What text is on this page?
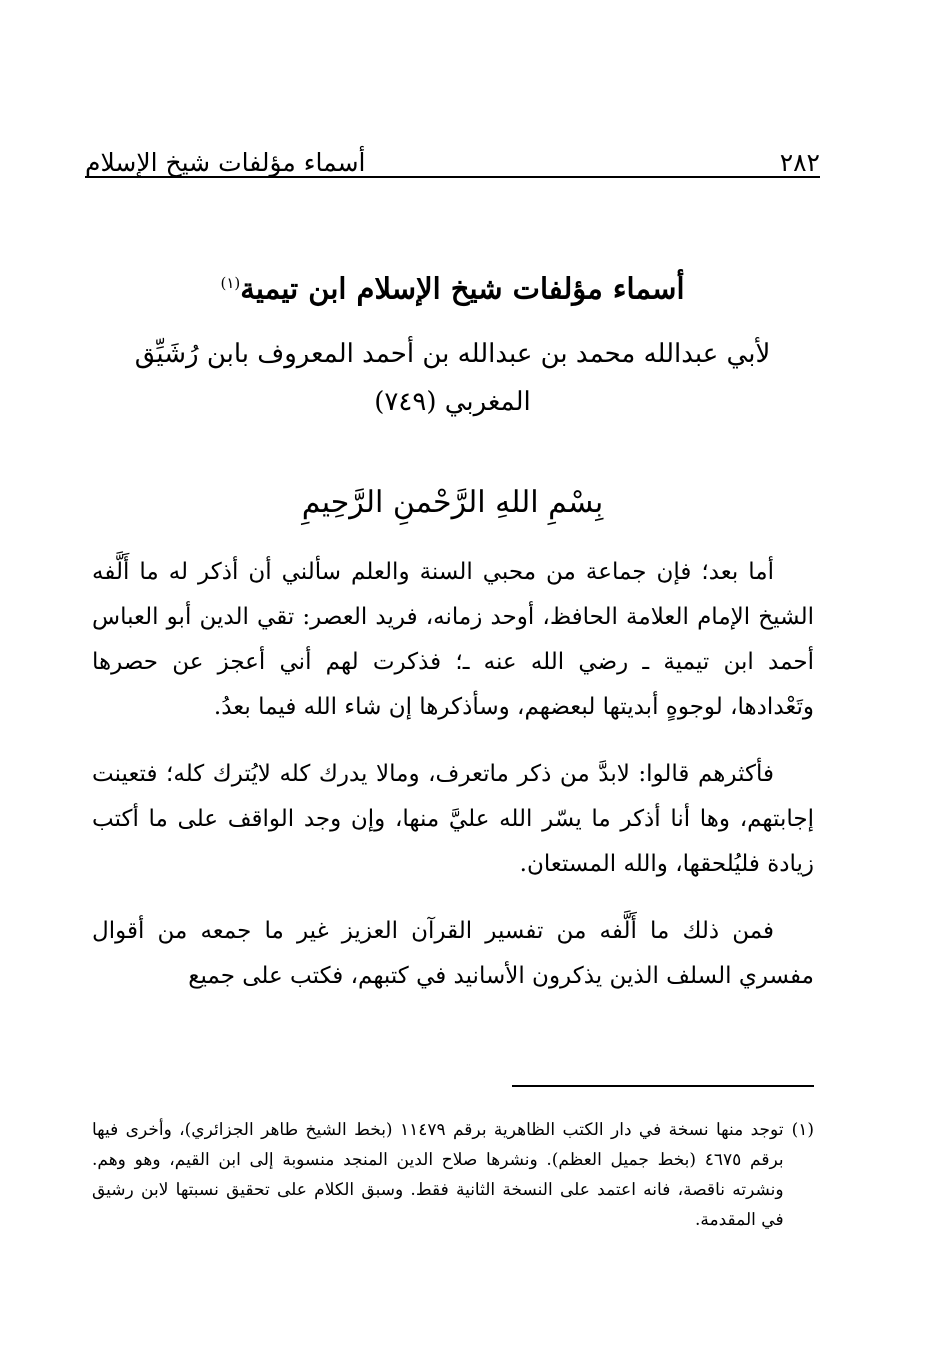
٢٨٢
أسماء مؤلفات شيخ الإسلام
أسماء مؤلفات شيخ الإسلام ابن تيمية$^{(١)}$
لأبي عبدالله محمد بن عبدالله بن أحمد المعروف بابن رُشَيِّق
المغربي (٧٤٩)
بِسْمِ اللهِ الرَّحْمنِ الرَّحِيمِ

أما بعد؛ فإن جماعة من محبي السنة والعلم سألني أن أذكر له ما أَلَّفه الشيخ الإمام العلامة الحافظ، أوحد زمانه، فريد العصر: تقي الدين أبو العباس أحمد ابن تيمية ـ رضي الله عنه ـ؛ فذكرت لهم أني أعجز عن حصرها وتَعْدادها، لوجوهٍ أبديتها لبعضهم، وسأذكرها إن شاء الله فيما بعدُ.

فأكثرهم قالوا: لابدَّ من ذكر ماتعرف، ومالا يدرك كله لايُترك كله؛ فتعينت إجابتهم، وها أنا أذكر ما يسّر الله عليَّ منها، وإن وجد الواقف على ما أكتب زيادة فليُلحقها، والله المستعان.

فمن ذلك ما أَلَّفه من تفسير القرآن العزيز غير ما جمعه من أقوال مفسري السلف الذين يذكرون الأسانيد في كتبهم، فكتب على جميع

(١)
توجد منها نسخة في دار الكتب الظاهرية برقم ١١٤٧٩ (بخط الشيخ طاهر الجزائري)، وأخرى فيها برقم ٤٦٧٥ (بخط جميل العظم). ونشرها صلاح الدين المنجد منسوبة إلى ابن القيم، وهو وهم. ونشرته ناقصة، فانه اعتمد على النسخة الثانية فقط. وسبق الكلام على تحقيق نسبتها لابن رشيق في المقدمة.
